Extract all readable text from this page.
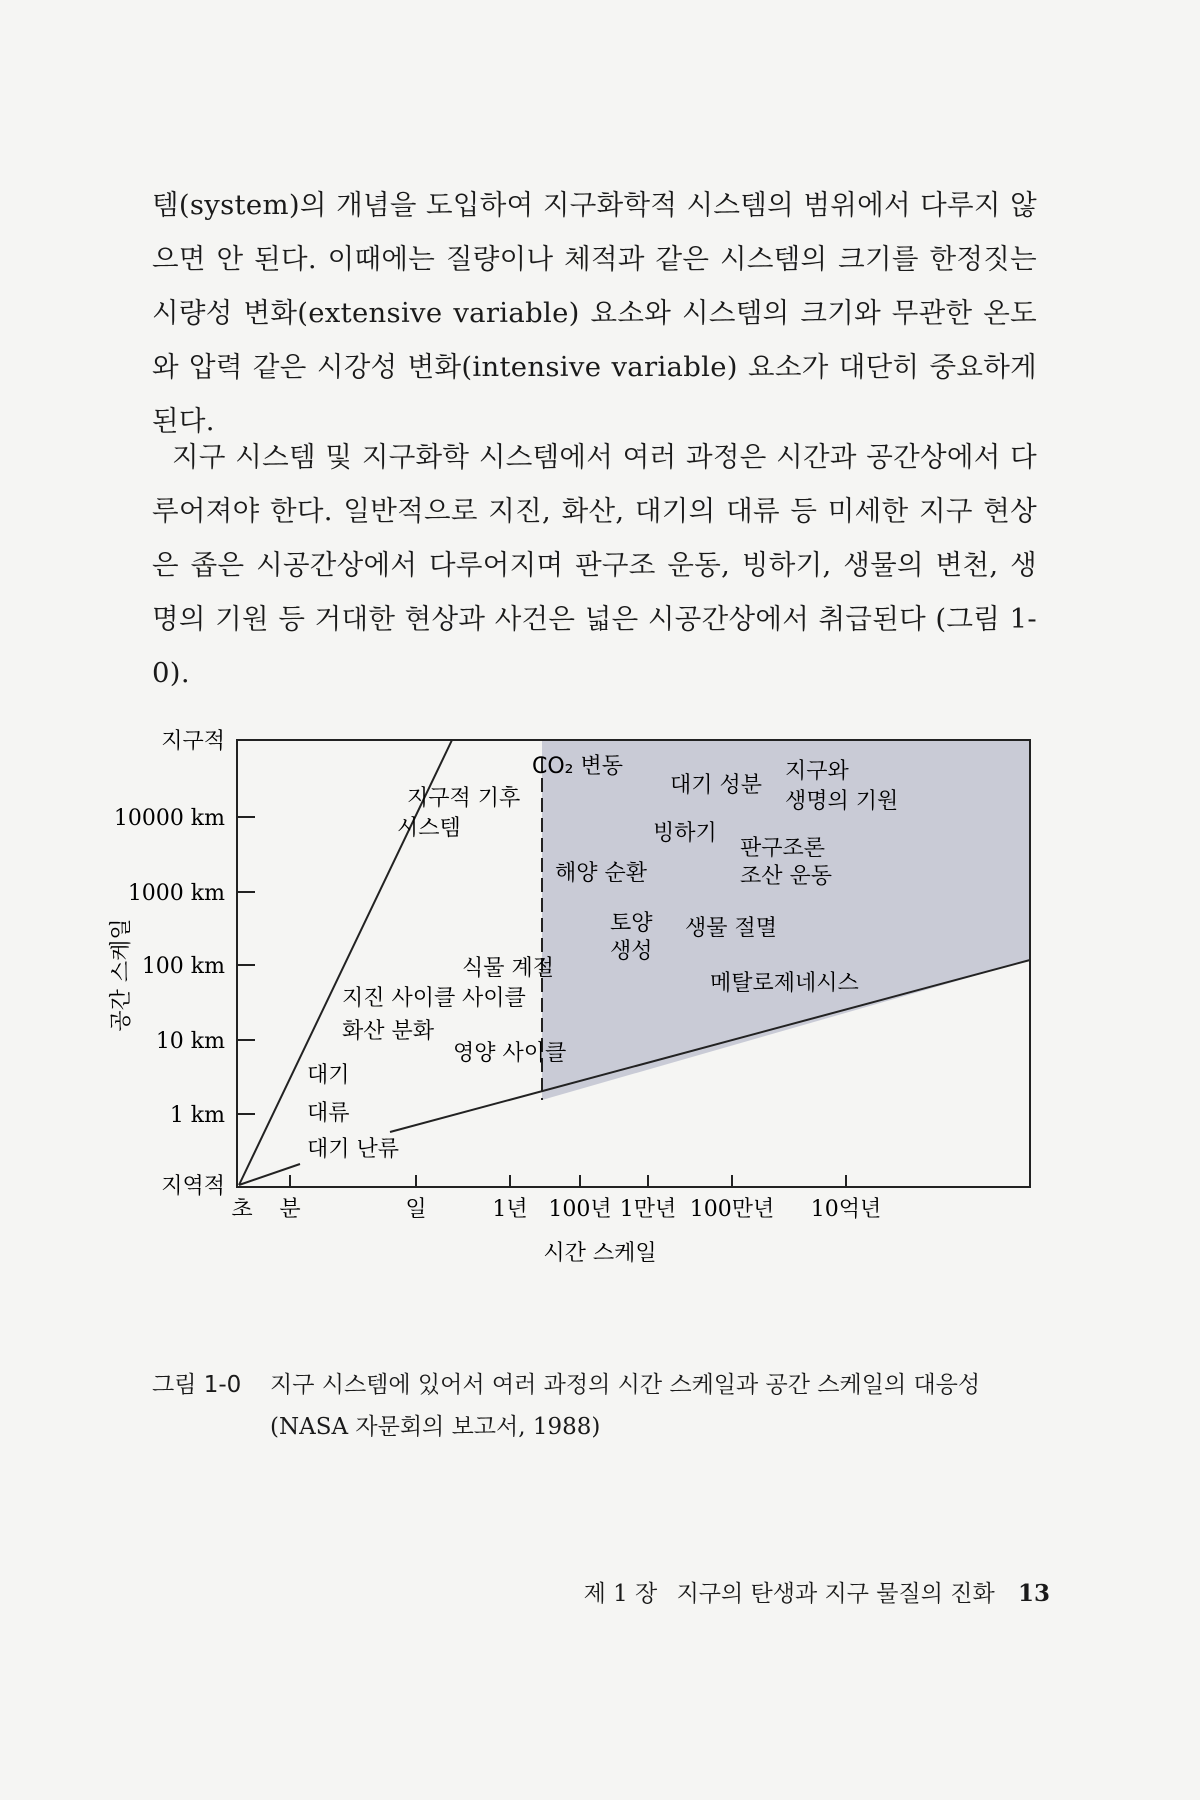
템(system)의 개념을 도입하여 지구화학적 시스템의 범위에서 다루지 않으면 안 된다. 이때에는 질량이나 체적과 같은 시스템의 크기를 한정짓는 시량성 변화(extensive variable) 요소와 시스템의 크기와 무관한 온도와 압력 같은 시강성 변화(intensive variable) 요소가 대단히 중요하게 된다.

지구 시스템 및 지구화학 시스템에서 여러 과정은 시간과 공간상에서 다루어져야 한다. 일반적으로 지진, 화산, 대기의 대류 등 미세한 지구 현상은 좁은 시공간상에서 다루어지며 판구조 운동, 빙하기, 생물의 변천, 생명의 기원 등 거대한 현상과 사건은 넓은 시공간상에서 취급된다 (그림 1-0).

지역적
1 km
10 km
100 km
1000 km
10000 km
지구적
초 분	일	1년 100년 1만년 100만년 10억년
지구적 기후
시스템
CO₂ 변동
대기 성분
지구와
생명의 기원
빙하기
판구조론
조산 운동
해양 순환
토양
생성
생물 절멸
메탈로제네시스
식물 계절
사이클
지진 사이클
화산 분화
영양 사이클
대기
대류
대기 난류
시간 스케일
공간 스케일
그림 1-0	지구 시스템에 있어서 여러 과정의 시간 스케일과 공간 스케일의 대응성 (NASA 자문회의 보고서, 1988)
제 1 장 지구의 탄생과 지구 물질의 진화 13
